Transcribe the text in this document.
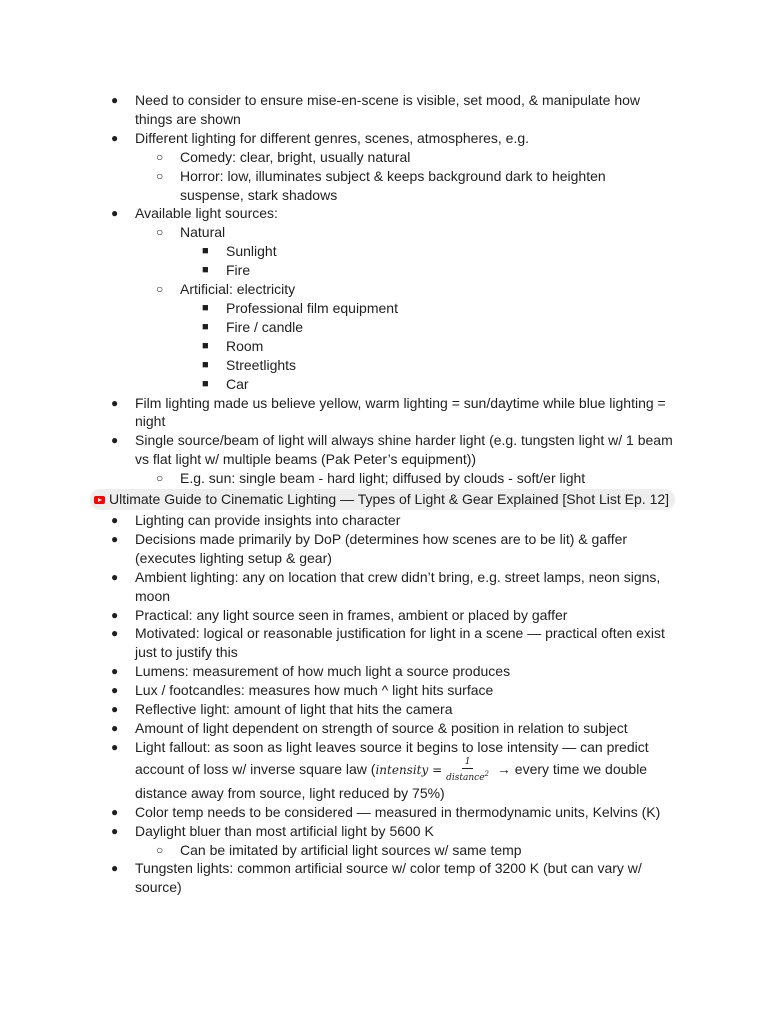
● Need to consider to ensure mise-en-scene is visible, set mood, & manipulate how things are shown
● Different lighting for different genres, scenes, atmospheres, e.g.
○ Comedy: clear, bright, usually natural
○ Horror: low, illuminates subject & keeps background dark to heighten suspense, stark shadows
● Available light sources:
○ Natural
■ Sunlight
■ Fire
○ Artificial: electricity
■ Professional film equipment
■ Fire / candle
■ Room
■ Streetlights
■ Car
● Film lighting made us believe yellow, warm lighting = sun/daytime while blue lighting = night
● Single source/beam of light will always shine harder light (e.g. tungsten light w/ 1 beam vs flat light w/ multiple beams (Pak Peter’s equipment))
○ E.g. sun: single beam - hard light; diffused by clouds - soft/er light
Ultimate Guide to Cinematic Lighting — Types of Light & Gear Explained [Shot List Ep. 12]
● Lighting can provide insights into character
● Decisions made primarily by DoP (determines how scenes are to be lit) & gaffer (executes lighting setup & gear)
● Ambient lighting: any on location that crew didn’t bring, e.g. street lamps, neon signs, moon
● Practical: any light source seen in frames, ambient or placed by gaffer
● Motivated: logical or reasonable justification for light in a scene — practical often exist just to justify this
● Lumens: measurement of how much light a source produces
● Lux / footcandles: measures how much ^ light hits surface
● Reflective light: amount of light that hits the camera
● Amount of light dependent on strength of source & position in relation to subject
● Light fallout: as soon as light leaves source it begins to lose intensity — can predict account of loss w/ inverse square law (intensity = $\frac{1}{distance^2}$ → every time we double distance away from source, light reduced by 75%)
● Color temp needs to be considered — measured in thermodynamic units, Kelvins (K)
● Daylight bluer than most artificial light by 5600 K
○ Can be imitated by artificial light sources w/ same temp
● Tungsten lights: common artificial source w/ color temp of 3200 K (but can vary w/ source)
